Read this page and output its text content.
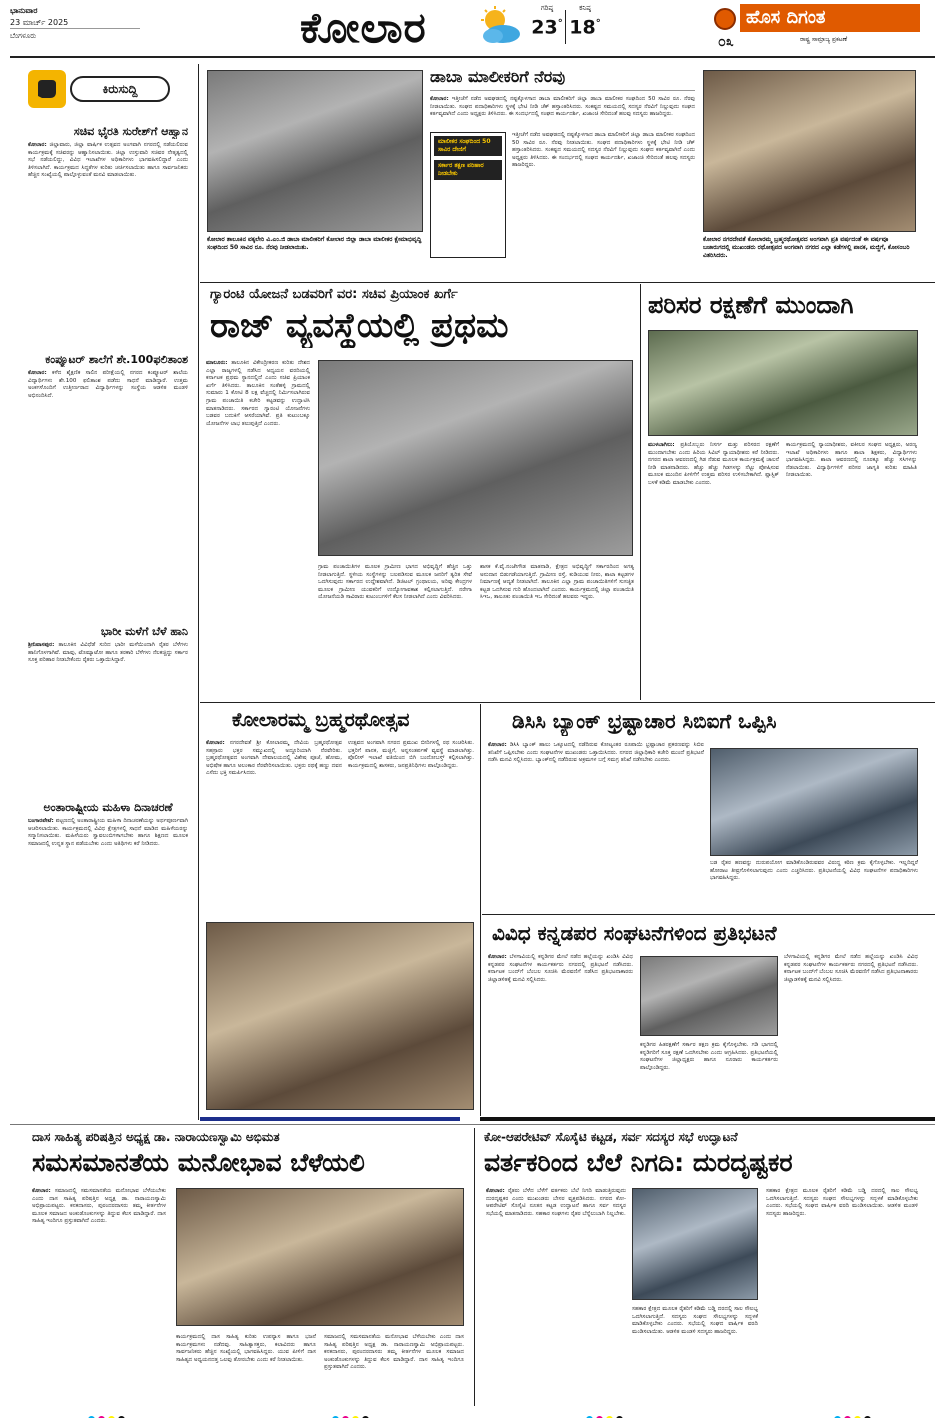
ಭಾನುವಾರ
23 ಮಾರ್ಚ್ 2025
ಬೆಂಗಳೂರು	ಕೋಲಾರ	ಗರಿಷ್ಠ
23°
ಕನಿಷ್ಠ
18°	ಹೊಸ ದಿಗಂತ
೦೩	ರಾಷ್ಟ್ರ ಸಾಮ್ರಾಜ್ಯ ಪ್ರಕಟಣೆ
ಕಿರುಸುದ್ದಿ
ಸಚಿವ ಭೈರತಿ ಸುರೇಶ್‌ಗೆ ಆಹ್ವಾನ
ಕೋಲಾರ: ಜಿಲ್ಲಾವಾರು, ಜಿಲ್ಲಾ ವಾರ್ಷಿಕ ಉತ್ಸವದ ಅಂಗವಾಗಿ ನಗರದಲ್ಲಿ ನಡೆಯಲಿರುವ ಕಾರ್ಯಕ್ರಮಕ್ಕೆ ಸಚಿವರನ್ನು ಆಹ್ವಾನಿಸಲಾಯಿತು. ಜಿಲ್ಲಾ ಉಸ್ತುವಾರಿ ಸಚಿವರ ನೇತೃತ್ವದಲ್ಲಿ ಸಭೆ ನಡೆಯಲಿದ್ದು, ವಿವಿಧ ಇಲಾಖೆಗಳ ಅಧಿಕಾರಿಗಳು ಭಾಗವಹಿಸಲಿದ್ದಾರೆ ಎಂದು ತಿಳಿಸಲಾಗಿದೆ. ಕಾರ್ಯಕ್ರಮದ ಸಿದ್ಧತೆಗಳ ಕುರಿತು ಚರ್ಚಿಸಲಾಯಿತು ಹಾಗೂ ಸಾರ್ವಜನಿಕರು ಹೆಚ್ಚಿನ ಸಂಖ್ಯೆಯಲ್ಲಿ ಪಾಲ್ಗೊಳ್ಳುವಂತೆ ಮನವಿ ಮಾಡಲಾಯಿತು.
ಕಂಪ್ಯೂಟರ್ ಶಾಲೆಗೆ ಶೇ.100ಫಲಿತಾಂಶ
ಕೋಲಾರ: ಕಳೆದ ಶೈಕ್ಷಣಿಕ ಸಾಲಿನ ಪರೀಕ್ಷೆಯಲ್ಲಿ ನಗರದ ಕಂಪ್ಯೂಟರ್ ಶಾಲೆಯ ವಿದ್ಯಾರ್ಥಿಗಳು ಶೇ.100 ಫಲಿತಾಂಶ ಪಡೆದು ಸಾಧನೆ ಮಾಡಿದ್ದಾರೆ. ಉತ್ತಮ ಅಂಕಗಳೊಂದಿಗೆ ಉತ್ತೀರ್ಣರಾದ ವಿದ್ಯಾರ್ಥಿಗಳನ್ನು ಸಂಸ್ಥೆಯ ಆಡಳಿತ ಮಂಡಳಿ ಅಭಿನಂದಿಸಿದೆ.
ಭಾರೀ ಮಳೆಗೆ ಬೆಳೆ ಹಾನಿ
ಶ್ರೀನಿವಾಸಪುರ: ತಾಲೂಕಿನ ವಿವಿಧೆಡೆ ಸುರಿದ ಭಾರೀ ಮಳೆಯಿಂದಾಗಿ ರೈತರ ಬೆಳೆಗಳು ಹಾನಿಗೊಳಗಾಗಿವೆ. ಮಾವು, ಟೊಮ್ಯಾಟೋ ಹಾಗೂ ತರಕಾರಿ ಬೆಳೆಗಳು ನೆಲಕಚ್ಚಿದ್ದು ಸರ್ಕಾರ ಸೂಕ್ತ ಪರಿಹಾರ ನೀಡಬೇಕೆಂದು ರೈತರು ಒತ್ತಾಯಿಸಿದ್ದಾರೆ.
ಅಂತಾರಾಷ್ಟ್ರೀಯ ಮಹಿಳಾ ದಿನಾಚರಣೆ
ಬಂಗಾರಪೇಟೆ: ಪಟ್ಟಣದಲ್ಲಿ ಅಂತಾರಾಷ್ಟ್ರೀಯ ಮಹಿಳಾ ದಿನಾಚರಣೆಯನ್ನು ಅರ್ಥಪೂರ್ಣವಾಗಿ ಆಚರಿಸಲಾಯಿತು. ಕಾರ್ಯಕ್ರಮದಲ್ಲಿ ವಿವಿಧ ಕ್ಷೇತ್ರಗಳಲ್ಲಿ ಸಾಧನೆ ಮಾಡಿದ ಮಹಿಳೆಯರನ್ನು ಸನ್ಮಾನಿಸಲಾಯಿತು. ಮಹಿಳೆಯರು ಸ್ವಾವಲಂಬಿಗಳಾಗಬೇಕು ಹಾಗೂ ಶಿಕ್ಷಣದ ಮೂಲಕ ಸಮಾಜದಲ್ಲಿ ಉನ್ನತ ಸ್ಥಾನ ಪಡೆಯಬೇಕು ಎಂದು ಅತಿಥಿಗಳು ಕರೆ ನೀಡಿದರು.
ಕೋಲಾರ ತಾಲೂಕಿನ ವಕ್ಕಲೇರಿ ವಿ.ಎಂ.ಜಿ ಡಾಬಾ ಮಾಲೀಕರಿಗೆ ಕೋಲಾರ ಜಿಲ್ಲಾ ಡಾಬಾ ಮಾಲೀಕರ ಕ್ಷೇಮಾಭಿವೃದ್ಧಿ ಸಂಘದಿಂದ 50 ಸಾವಿರ ರೂ. ನೆರವು ನೀಡಲಾಯಿತು.
ಡಾಬಾ ಮಾಲೀಕರಿಗೆ ನೆರವು
ಕೋಲಾರ: ಇತ್ತೀಚೆಗೆ ನಡೆದ ಅವಘಡದಲ್ಲಿ ನಷ್ಟಕ್ಕೊಳಗಾದ ಡಾಬಾ ಮಾಲೀಕರಿಗೆ ಜಿಲ್ಲಾ ಡಾಬಾ ಮಾಲೀಕರ ಸಂಘದಿಂದ 50 ಸಾವಿರ ರೂ. ನೆರವು ನೀಡಲಾಯಿತು. ಸಂಘದ ಪದಾಧಿಕಾರಿಗಳು ಸ್ಥಳಕ್ಕೆ ಭೇಟಿ ನೀಡಿ ಚೆಕ್ ಹಸ್ತಾಂತರಿಸಿದರು. ಸಂಕಷ್ಟದ ಸಮಯದಲ್ಲಿ ಸದಸ್ಯರ ನೆರವಿಗೆ ನಿಲ್ಲುವುದು ಸಂಘದ ಕರ್ತವ್ಯವಾಗಿದೆ ಎಂದು ಅಧ್ಯಕ್ಷರು ತಿಳಿಸಿದರು. ಈ ಸಂದರ್ಭದಲ್ಲಿ ಸಂಘದ ಕಾರ್ಯದರ್ಶಿ, ಖಜಾಂಚಿ ಸೇರಿದಂತೆ ಹಲವು ಸದಸ್ಯರು ಹಾಜರಿದ್ದರು.
ಮಾಲೀಕರ ಸಂಘದಿಂದ 50 ಸಾವಿರ ದೇಣಿಗೆ
ಸರ್ಕಾರ ತಕ್ಷಣ ಪರಿಹಾರ ನೀಡಬೇಕು
ಇತ್ತೀಚೆಗೆ ನಡೆದ ಅವಘಡದಲ್ಲಿ ನಷ್ಟಕ್ಕೊಳಗಾದ ಡಾಬಾ ಮಾಲೀಕರಿಗೆ ಜಿಲ್ಲಾ ಡಾಬಾ ಮಾಲೀಕರ ಸಂಘದಿಂದ 50 ಸಾವಿರ ರೂ. ನೆರವು ನೀಡಲಾಯಿತು. ಸಂಘದ ಪದಾಧಿಕಾರಿಗಳು ಸ್ಥಳಕ್ಕೆ ಭೇಟಿ ನೀಡಿ ಚೆಕ್ ಹಸ್ತಾಂತರಿಸಿದರು. ಸಂಕಷ್ಟದ ಸಮಯದಲ್ಲಿ ಸದಸ್ಯರ ನೆರವಿಗೆ ನಿಲ್ಲುವುದು ಸಂಘದ ಕರ್ತವ್ಯವಾಗಿದೆ ಎಂದು ಅಧ್ಯಕ್ಷರು ತಿಳಿಸಿದರು. ಈ ಸಂದರ್ಭದಲ್ಲಿ ಸಂಘದ ಕಾರ್ಯದರ್ಶಿ, ಖಜಾಂಚಿ ಸೇರಿದಂತೆ ಹಲವು ಸದಸ್ಯರು ಹಾಜರಿದ್ದರು.
ಕೋಲಾರ ನಗರದೇವತೆ ಕೋಲಾರಮ್ಮ ಬ್ರಹ್ಮರಥೋತ್ಸವದ ಅಂಗವಾಗಿ ಪ್ರತಿ ವರ್ಷದಂತೆ ಈ ವರ್ಷವೂ ಬಜಾರುಗದಲ್ಲಿ ಮುಖಂಡರು ರಥೋತ್ಸವದ ಅಂಗವಾಗಿ ನಗರದ ಎಲ್ಲಾ ಕಡೆಗಳಲ್ಲಿ ಪಾನಕ, ಮಜ್ಜಿಗೆ, ಕೋಸಂಬರಿ ವಿತರಿಸಿದರು.
ಗ್ಯಾರಂಟಿ ಯೋಜನೆ ಬಡವರಿಗೆ ವರ: ಸಚಿವ ಪ್ರಿಯಾಂಕ ಖರ್ಗೆ
ರಾಜ್ ವ್ಯವಸ್ಥೆಯಲ್ಲಿ ಪ್ರಥಮ
ಮಾಲೂರು: ತಾಲೂಕಿನ ವಿಕೇಂದ್ರೀಕರಣ ಕುರಿತು ದೇಶದ ಎಲ್ಲಾ ರಾಜ್ಯಗಳಲ್ಲಿ ನಡೆಸಿದ ಅಧ್ಯಯನ ವರದಿಯಲ್ಲಿ ಕರ್ನಾಟಕ ಪ್ರಥಮ ಸ್ಥಾನದಲ್ಲಿದೆ ಎಂದು ಸಚಿವ ಪ್ರಿಯಾಂಕ ಖರ್ಗೆ ತಿಳಿಸಿದರು. ತಾಲೂಕಿನ ಸಂತೆಹಳ್ಳಿ ಗ್ರಾಮದಲ್ಲಿ ಸುಮಾರು 1 ಕೋಟಿ 8 ಲಕ್ಷ ವೆಚ್ಚದಲ್ಲಿ ನಿರ್ಮಿಸಲಾಗಿರುವ ಗ್ರಾಮ ಪಂಚಾಯಿತಿ ಕಚೇರಿ ಕಟ್ಟಡವನ್ನು ಉದ್ಘಾಟಿಸಿ ಮಾತನಾಡಿದರು. ಸರ್ಕಾರದ ಗ್ಯಾರಂಟಿ ಯೋಜನೆಗಳು ಬಡವರ ಬದುಕಿಗೆ ಆಸರೆಯಾಗಿವೆ. ಪ್ರತಿ ಕುಟುಂಬಕ್ಕೂ ಯೋಜನೆಗಳ ಲಾಭ ತಲುಪುತ್ತಿದೆ ಎಂದರು.
ಗ್ರಾಮ ಪಂಚಾಯಿತಿಗಳ ಮೂಲಕ ಗ್ರಾಮೀಣ ಭಾಗದ ಅಭಿವೃದ್ಧಿಗೆ ಹೆಚ್ಚಿನ ಒತ್ತು ನೀಡಲಾಗುತ್ತಿದೆ. ಸ್ಥಳೀಯ ಸಂಸ್ಥೆಗಳನ್ನು ಬಲಪಡಿಸುವ ಮೂಲಕ ಜನರಿಗೆ ತ್ವರಿತ ಸೇವೆ ಒದಗಿಸುವುದು ಸರ್ಕಾರದ ಉದ್ದೇಶವಾಗಿದೆ. ಡಿಜಿಟಲ್ ಗ್ರಂಥಾಲಯ, ಅರಿವು ಕೇಂದ್ರಗಳ ಮೂಲಕ ಗ್ರಾಮೀಣ ಯುವಕರಿಗೆ ಉದ್ಯೋಗಾವಕಾಶ ಕಲ್ಪಿಸಲಾಗುತ್ತಿದೆ. ನರೇಗಾ ಯೋಜನೆಯಡಿ ಸಾವಿರಾರು ಕುಟುಂಬಗಳಿಗೆ ಕೆಲಸ ನೀಡಲಾಗಿದೆ ಎಂದು ವಿವರಿಸಿದರು.
ಶಾಸಕ ಕೆ.ವೈ.ನಂಜೇಗೌಡ ಮಾತನಾಡಿ, ಕ್ಷೇತ್ರದ ಅಭಿವೃದ್ಧಿಗೆ ಸರ್ಕಾರದಿಂದ ಅಗತ್ಯ ಅನುದಾನ ಬಿಡುಗಡೆಯಾಗುತ್ತಿದೆ. ಗ್ರಾಮೀಣ ರಸ್ತೆ, ಕುಡಿಯುವ ನೀರು, ಶಾಲಾ ಕಟ್ಟಡಗಳ ನಿರ್ಮಾಣಕ್ಕೆ ಆದ್ಯತೆ ನೀಡಲಾಗಿದೆ. ತಾಲೂಕಿನ ಎಲ್ಲಾ ಗ್ರಾಮ ಪಂಚಾಯಿತಿಗಳಿಗೆ ಸುಸಜ್ಜಿತ ಕಟ್ಟಡ ಒದಗಿಸುವ ಗುರಿ ಹೊಂದಲಾಗಿದೆ ಎಂದರು. ಕಾರ್ಯಕ್ರಮದಲ್ಲಿ ಜಿಲ್ಲಾ ಪಂಚಾಯಿತಿ ಸಿಇಒ, ತಾಲೂಕು ಪಂಚಾಯಿತಿ ಇಒ ಸೇರಿದಂತೆ ಹಲವರು ಇದ್ದರು.
ಪರಿಸರ ರಕ್ಷಣೆಗೆ ಮುಂದಾಗಿ
ಮುಳಬಾಗಿಲು: ಪ್ರತಿಯೊಬ್ಬರು ನಿಸರ್ಗ ಮತ್ತು ಪರಿಸರದ ರಕ್ಷಣೆಗೆ ಮುಂದಾಗಬೇಕು ಎಂದು ಹಿರಿಯ ಸಿವಿಲ್ ನ್ಯಾಯಾಧೀಶರು ಕರೆ ನೀಡಿದರು. ನಗರದ ಶಾಲಾ ಆವರಣದಲ್ಲಿ ಗಿಡ ನೆಡುವ ಮೂಲಕ ಕಾರ್ಯಕ್ರಮಕ್ಕೆ ಚಾಲನೆ ನೀಡಿ ಮಾತನಾಡಿದರು. ಹೆಚ್ಚು ಹೆಚ್ಚು ಗಿಡಗಳನ್ನು ನೆಟ್ಟು ಪೋಷಿಸುವ ಮೂಲಕ ಮುಂದಿನ ಪೀಳಿಗೆಗೆ ಉತ್ತಮ ಪರಿಸರ ಉಳಿಸಬೇಕಾಗಿದೆ. ಪ್ಲಾಸ್ಟಿಕ್ ಬಳಕೆ ಕಡಿಮೆ ಮಾಡಬೇಕು ಎಂದರು.
ಕಾರ್ಯಕ್ರಮದಲ್ಲಿ ನ್ಯಾಯಾಧೀಶರು, ವಕೀಲರ ಸಂಘದ ಅಧ್ಯಕ್ಷರು, ಅರಣ್ಯ ಇಲಾಖೆ ಅಧಿಕಾರಿಗಳು ಹಾಗೂ ಶಾಲಾ ಶಿಕ್ಷಕರು, ವಿದ್ಯಾರ್ಥಿಗಳು ಭಾಗವಹಿಸಿದ್ದರು. ಶಾಲಾ ಆವರಣದಲ್ಲಿ ನೂರಕ್ಕೂ ಹೆಚ್ಚು ಸಸಿಗಳನ್ನು ನೆಡಲಾಯಿತು. ವಿದ್ಯಾರ್ಥಿಗಳಿಗೆ ಪರಿಸರ ಜಾಗೃತಿ ಕುರಿತು ಮಾಹಿತಿ ನೀಡಲಾಯಿತು.
ಕೋಲಾರಮ್ಮ ಬ್ರಹ್ಮರಥೋತ್ಸವ
ಕೋಲಾರ: ನಗರದೇವತೆ ಶ್ರೀ ಕೋಲಾರಮ್ಮ ದೇವಿಯ ಬ್ರಹ್ಮರಥೋತ್ಸವ ಸಹಸ್ರಾರು ಭಕ್ತರ ಸಮ್ಮುಖದಲ್ಲಿ ಅದ್ದೂರಿಯಾಗಿ ನೆರವೇರಿತು. ಬ್ರಹ್ಮರಥೋತ್ಸವದ ಅಂಗವಾಗಿ ದೇವಾಲಯದಲ್ಲಿ ವಿಶೇಷ ಪೂಜೆ, ಹೋಮ, ಅಭಿಷೇಕ ಹಾಗೂ ಅಲಂಕಾರ ನೆರವೇರಿಸಲಾಯಿತು. ಭಕ್ತರು ರಥಕ್ಕೆ ಹಣ್ಣು ದವನ ಎಸೆದು ಭಕ್ತಿ ಸಮರ್ಪಿಸಿದರು.
ಉತ್ಸವದ ಅಂಗವಾಗಿ ನಗರದ ಪ್ರಮುಖ ಬೀದಿಗಳಲ್ಲಿ ರಥ ಸಂಚರಿಸಿತು. ಭಕ್ತರಿಗೆ ಪಾನಕ, ಮಜ್ಜಿಗೆ, ಅನ್ನಸಂತರ್ಪಣೆ ವ್ಯವಸ್ಥೆ ಮಾಡಲಾಗಿತ್ತು. ಪೊಲೀಸ್ ಇಲಾಖೆ ವತಿಯಿಂದ ಬಿಗಿ ಬಂದೋಬಸ್ತ್ ಕಲ್ಪಿಸಲಾಗಿತ್ತು. ಕಾರ್ಯಕ್ರಮದಲ್ಲಿ ಶಾಸಕರು, ಜನಪ್ರತಿನಿಧಿಗಳು ಪಾಲ್ಗೊಂಡಿದ್ದರು.
ಡಿಸಿಸಿ ಬ್ಯಾಂಕ್ ಭ್ರಷ್ಟಾಚಾರ ಸಿಬಿಐಗೆ ಒಪ್ಪಿಸಿ
ಕೋಲಾರ: ಡಿಸಿಸಿ ಬ್ಯಾಂಕ್ ಹಾಲು ಒಕ್ಕೂಟದಲ್ಲಿ ನಡೆದಿರುವ ಕೋಟ್ಯಂತರ ರೂಪಾಯಿ ಭ್ರಷ್ಟಾಚಾರ ಪ್ರಕರಣವನ್ನು ಸಿಬಿಐ ತನಿಖೆಗೆ ಒಪ್ಪಿಸಬೇಕು ಎಂದು ಸಂಘಟನೆಗಳ ಮುಖಂಡರು ಒತ್ತಾಯಿಸಿದರು. ನಗರದ ಜಿಲ್ಲಾಧಿಕಾರಿ ಕಚೇರಿ ಮುಂದೆ ಪ್ರತಿಭಟನೆ ನಡೆಸಿ ಮನವಿ ಸಲ್ಲಿಸಿದರು. ಬ್ಯಾಂಕ್‌ನಲ್ಲಿ ನಡೆದಿರುವ ಅಕ್ರಮಗಳ ಬಗ್ಗೆ ಸಮಗ್ರ ತನಿಖೆ ನಡೆಸಬೇಕು ಎಂದರು.
ಬಡ ರೈತರ ಹಣವನ್ನು ದುರುಪಯೋಗ ಮಾಡಿಕೊಂಡಿರುವವರ ವಿರುದ್ಧ ಕಠಿಣ ಕ್ರಮ ಕೈಗೊಳ್ಳಬೇಕು. ಇಲ್ಲದಿದ್ದರೆ ಹೋರಾಟ ತೀವ್ರಗೊಳಿಸಲಾಗುವುದು ಎಂದು ಎಚ್ಚರಿಸಿದರು. ಪ್ರತಿಭಟನೆಯಲ್ಲಿ ವಿವಿಧ ಸಂಘಟನೆಗಳ ಪದಾಧಿಕಾರಿಗಳು ಭಾಗವಹಿಸಿದ್ದರು.
ವಿವಿಧ ಕನ್ನಡಪರ ಸಂಘಟನೆಗಳಿಂದ ಪ್ರತಿಭಟನೆ
ಕೋಲಾರ: ಬೆಳಗಾವಿಯಲ್ಲಿ ಕನ್ನಡಿಗರ ಮೇಲೆ ನಡೆದ ಹಲ್ಲೆಯನ್ನು ಖಂಡಿಸಿ ವಿವಿಧ ಕನ್ನಡಪರ ಸಂಘಟನೆಗಳ ಕಾರ್ಯಕರ್ತರು ನಗರದಲ್ಲಿ ಪ್ರತಿಭಟನೆ ನಡೆಸಿದರು. ಕರ್ನಾಟಕ ಬಂದ್‌ಗೆ ಬೆಂಬಲ ಸೂಚಿಸಿ ಮೆರವಣಿಗೆ ನಡೆಸಿದ ಪ್ರತಿಭಟನಾಕಾರರು ಜಿಲ್ಲಾಡಳಿತಕ್ಕೆ ಮನವಿ ಸಲ್ಲಿಸಿದರು.
ಕನ್ನಡಿಗರ ಹಿತರಕ್ಷಣೆಗೆ ಸರ್ಕಾರ ತಕ್ಷಣ ಕ್ರಮ ಕೈಗೊಳ್ಳಬೇಕು. ಗಡಿ ಭಾಗದಲ್ಲಿ ಕನ್ನಡಿಗರಿಗೆ ಸೂಕ್ತ ರಕ್ಷಣೆ ಒದಗಿಸಬೇಕು ಎಂದು ಆಗ್ರಹಿಸಿದರು. ಪ್ರತಿಭಟನೆಯಲ್ಲಿ ಸಂಘಟನೆಗಳ ಜಿಲ್ಲಾಧ್ಯಕ್ಷರು ಹಾಗೂ ನೂರಾರು ಕಾರ್ಯಕರ್ತರು ಪಾಲ್ಗೊಂಡಿದ್ದರು.
ಬೆಳಗಾವಿಯಲ್ಲಿ ಕನ್ನಡಿಗರ ಮೇಲೆ ನಡೆದ ಹಲ್ಲೆಯನ್ನು ಖಂಡಿಸಿ ವಿವಿಧ ಕನ್ನಡಪರ ಸಂಘಟನೆಗಳ ಕಾರ್ಯಕರ್ತರು ನಗರದಲ್ಲಿ ಪ್ರತಿಭಟನೆ ನಡೆಸಿದರು. ಕರ್ನಾಟಕ ಬಂದ್‌ಗೆ ಬೆಂಬಲ ಸೂಚಿಸಿ ಮೆರವಣಿಗೆ ನಡೆಸಿದ ಪ್ರತಿಭಟನಾಕಾರರು ಜಿಲ್ಲಾಡಳಿತಕ್ಕೆ ಮನವಿ ಸಲ್ಲಿಸಿದರು.
ದಾಸ ಸಾಹಿತ್ಯ ಪರಿಷತ್ತಿನ ಅಧ್ಯಕ್ಷ ಡಾ. ನಾರಾಯಣಸ್ವಾಮಿ ಅಭಿಮತ
ಸಮಸಮಾನತೆಯ ಮನೋಭಾವ ಬೆಳೆಯಲಿ
ಕೋಲಾರ: ಸಮಾಜದಲ್ಲಿ ಸಮಸಮಾನತೆಯ ಮನೋಭಾವ ಬೆಳೆಯಬೇಕು ಎಂದು ದಾಸ ಸಾಹಿತ್ಯ ಪರಿಷತ್ತಿನ ಅಧ್ಯಕ್ಷ ಡಾ. ನಾರಾಯಣಸ್ವಾಮಿ ಅಭಿಪ್ರಾಯಪಟ್ಟರು. ಕನಕದಾಸರು, ಪುರಂದರದಾಸರು ತಮ್ಮ ಕೀರ್ತನೆಗಳ ಮೂಲಕ ಸಮಾಜದ ಅಂಕುಡೊಂಕುಗಳನ್ನು ತಿದ್ದುವ ಕೆಲಸ ಮಾಡಿದ್ದಾರೆ. ದಾಸ ಸಾಹಿತ್ಯ ಇಂದಿಗೂ ಪ್ರಸ್ತುತವಾಗಿದೆ ಎಂದರು.
ಕಾರ್ಯಕ್ರಮದಲ್ಲಿ ದಾಸ ಸಾಹಿತ್ಯ ಕುರಿತು ಉಪನ್ಯಾಸ ಹಾಗೂ ಭಜನೆ ಕಾರ್ಯಕ್ರಮಗಳು ನಡೆದವು. ಸಾಹಿತ್ಯಾಸಕ್ತರು, ಕಲಾವಿದರು ಹಾಗೂ ಸಾರ್ವಜನಿಕರು ಹೆಚ್ಚಿನ ಸಂಖ್ಯೆಯಲ್ಲಿ ಭಾಗವಹಿಸಿದ್ದರು. ಯುವ ಪೀಳಿಗೆ ದಾಸ ಸಾಹಿತ್ಯದ ಅಧ್ಯಯನದತ್ತ ಒಲವು ತೋರಬೇಕು ಎಂದು ಕರೆ ನೀಡಲಾಯಿತು.
ಸಮಾಜದಲ್ಲಿ ಸಮಸಮಾನತೆಯ ಮನೋಭಾವ ಬೆಳೆಯಬೇಕು ಎಂದು ದಾಸ ಸಾಹಿತ್ಯ ಪರಿಷತ್ತಿನ ಅಧ್ಯಕ್ಷ ಡಾ. ನಾರಾಯಣಸ್ವಾಮಿ ಅಭಿಪ್ರಾಯಪಟ್ಟರು. ಕನಕದಾಸರು, ಪುರಂದರದಾಸರು ತಮ್ಮ ಕೀರ್ತನೆಗಳ ಮೂಲಕ ಸಮಾಜದ ಅಂಕುಡೊಂಕುಗಳನ್ನು ತಿದ್ದುವ ಕೆಲಸ ಮಾಡಿದ್ದಾರೆ. ದಾಸ ಸಾಹಿತ್ಯ ಇಂದಿಗೂ ಪ್ರಸ್ತುತವಾಗಿದೆ ಎಂದರು.
ಕೋ-ಆಪರೇಟಿವ್ ಸೊಸೈಟಿ ಕಟ್ಟಡ, ಸರ್ವ ಸದಸ್ಯರ ಸಭೆ ಉದ್ಘಾಟನೆ
ವರ್ತಕರಿಂದ ಬೆಲೆ ನಿಗದಿ: ದುರದೃಷ್ಟಕರ
ಕೋಲಾರ: ರೈತರು ಬೆಳೆದ ಬೆಳೆಗೆ ವರ್ತಕರು ಬೆಲೆ ನಿಗದಿ ಮಾಡುತ್ತಿರುವುದು ದುರದೃಷ್ಟಕರ ಎಂದು ಮುಖಂಡರು ಬೇಸರ ವ್ಯಕ್ತಪಡಿಸಿದರು. ನಗರದ ಕೋ-ಆಪರೇಟಿವ್ ಸೊಸೈಟಿ ನೂತನ ಕಟ್ಟಡ ಉದ್ಘಾಟನೆ ಹಾಗೂ ಸರ್ವ ಸದಸ್ಯರ ಸಭೆಯಲ್ಲಿ ಮಾತನಾಡಿದರು. ಸಹಕಾರ ಸಂಘಗಳು ರೈತರ ಬೆನ್ನೆಲುಬಾಗಿ ನಿಲ್ಲಬೇಕು.
ಸಹಕಾರ ಕ್ಷೇತ್ರದ ಮೂಲಕ ರೈತರಿಗೆ ಕಡಿಮೆ ಬಡ್ಡಿ ದರದಲ್ಲಿ ಸಾಲ ಸೌಲಭ್ಯ ಒದಗಿಸಲಾಗುತ್ತಿದೆ. ಸದಸ್ಯರು ಸಂಘದ ಸೌಲಭ್ಯಗಳನ್ನು ಸದ್ಬಳಕೆ ಮಾಡಿಕೊಳ್ಳಬೇಕು ಎಂದರು. ಸಭೆಯಲ್ಲಿ ಸಂಘದ ವಾರ್ಷಿಕ ವರದಿ ಮಂಡಿಸಲಾಯಿತು. ಆಡಳಿತ ಮಂಡಳಿ ಸದಸ್ಯರು ಹಾಜರಿದ್ದರು.
ಸಹಕಾರ ಕ್ಷೇತ್ರದ ಮೂಲಕ ರೈತರಿಗೆ ಕಡಿಮೆ ಬಡ್ಡಿ ದರದಲ್ಲಿ ಸಾಲ ಸೌಲಭ್ಯ ಒದಗಿಸಲಾಗುತ್ತಿದೆ. ಸದಸ್ಯರು ಸಂಘದ ಸೌಲಭ್ಯಗಳನ್ನು ಸದ್ಬಳಕೆ ಮಾಡಿಕೊಳ್ಳಬೇಕು ಎಂದರು. ಸಭೆಯಲ್ಲಿ ಸಂಘದ ವಾರ್ಷಿಕ ವರದಿ ಮಂಡಿಸಲಾಯಿತು. ಆಡಳಿತ ಮಂಡಳಿ ಸದಸ್ಯರು ಹಾಜರಿದ್ದರು.
